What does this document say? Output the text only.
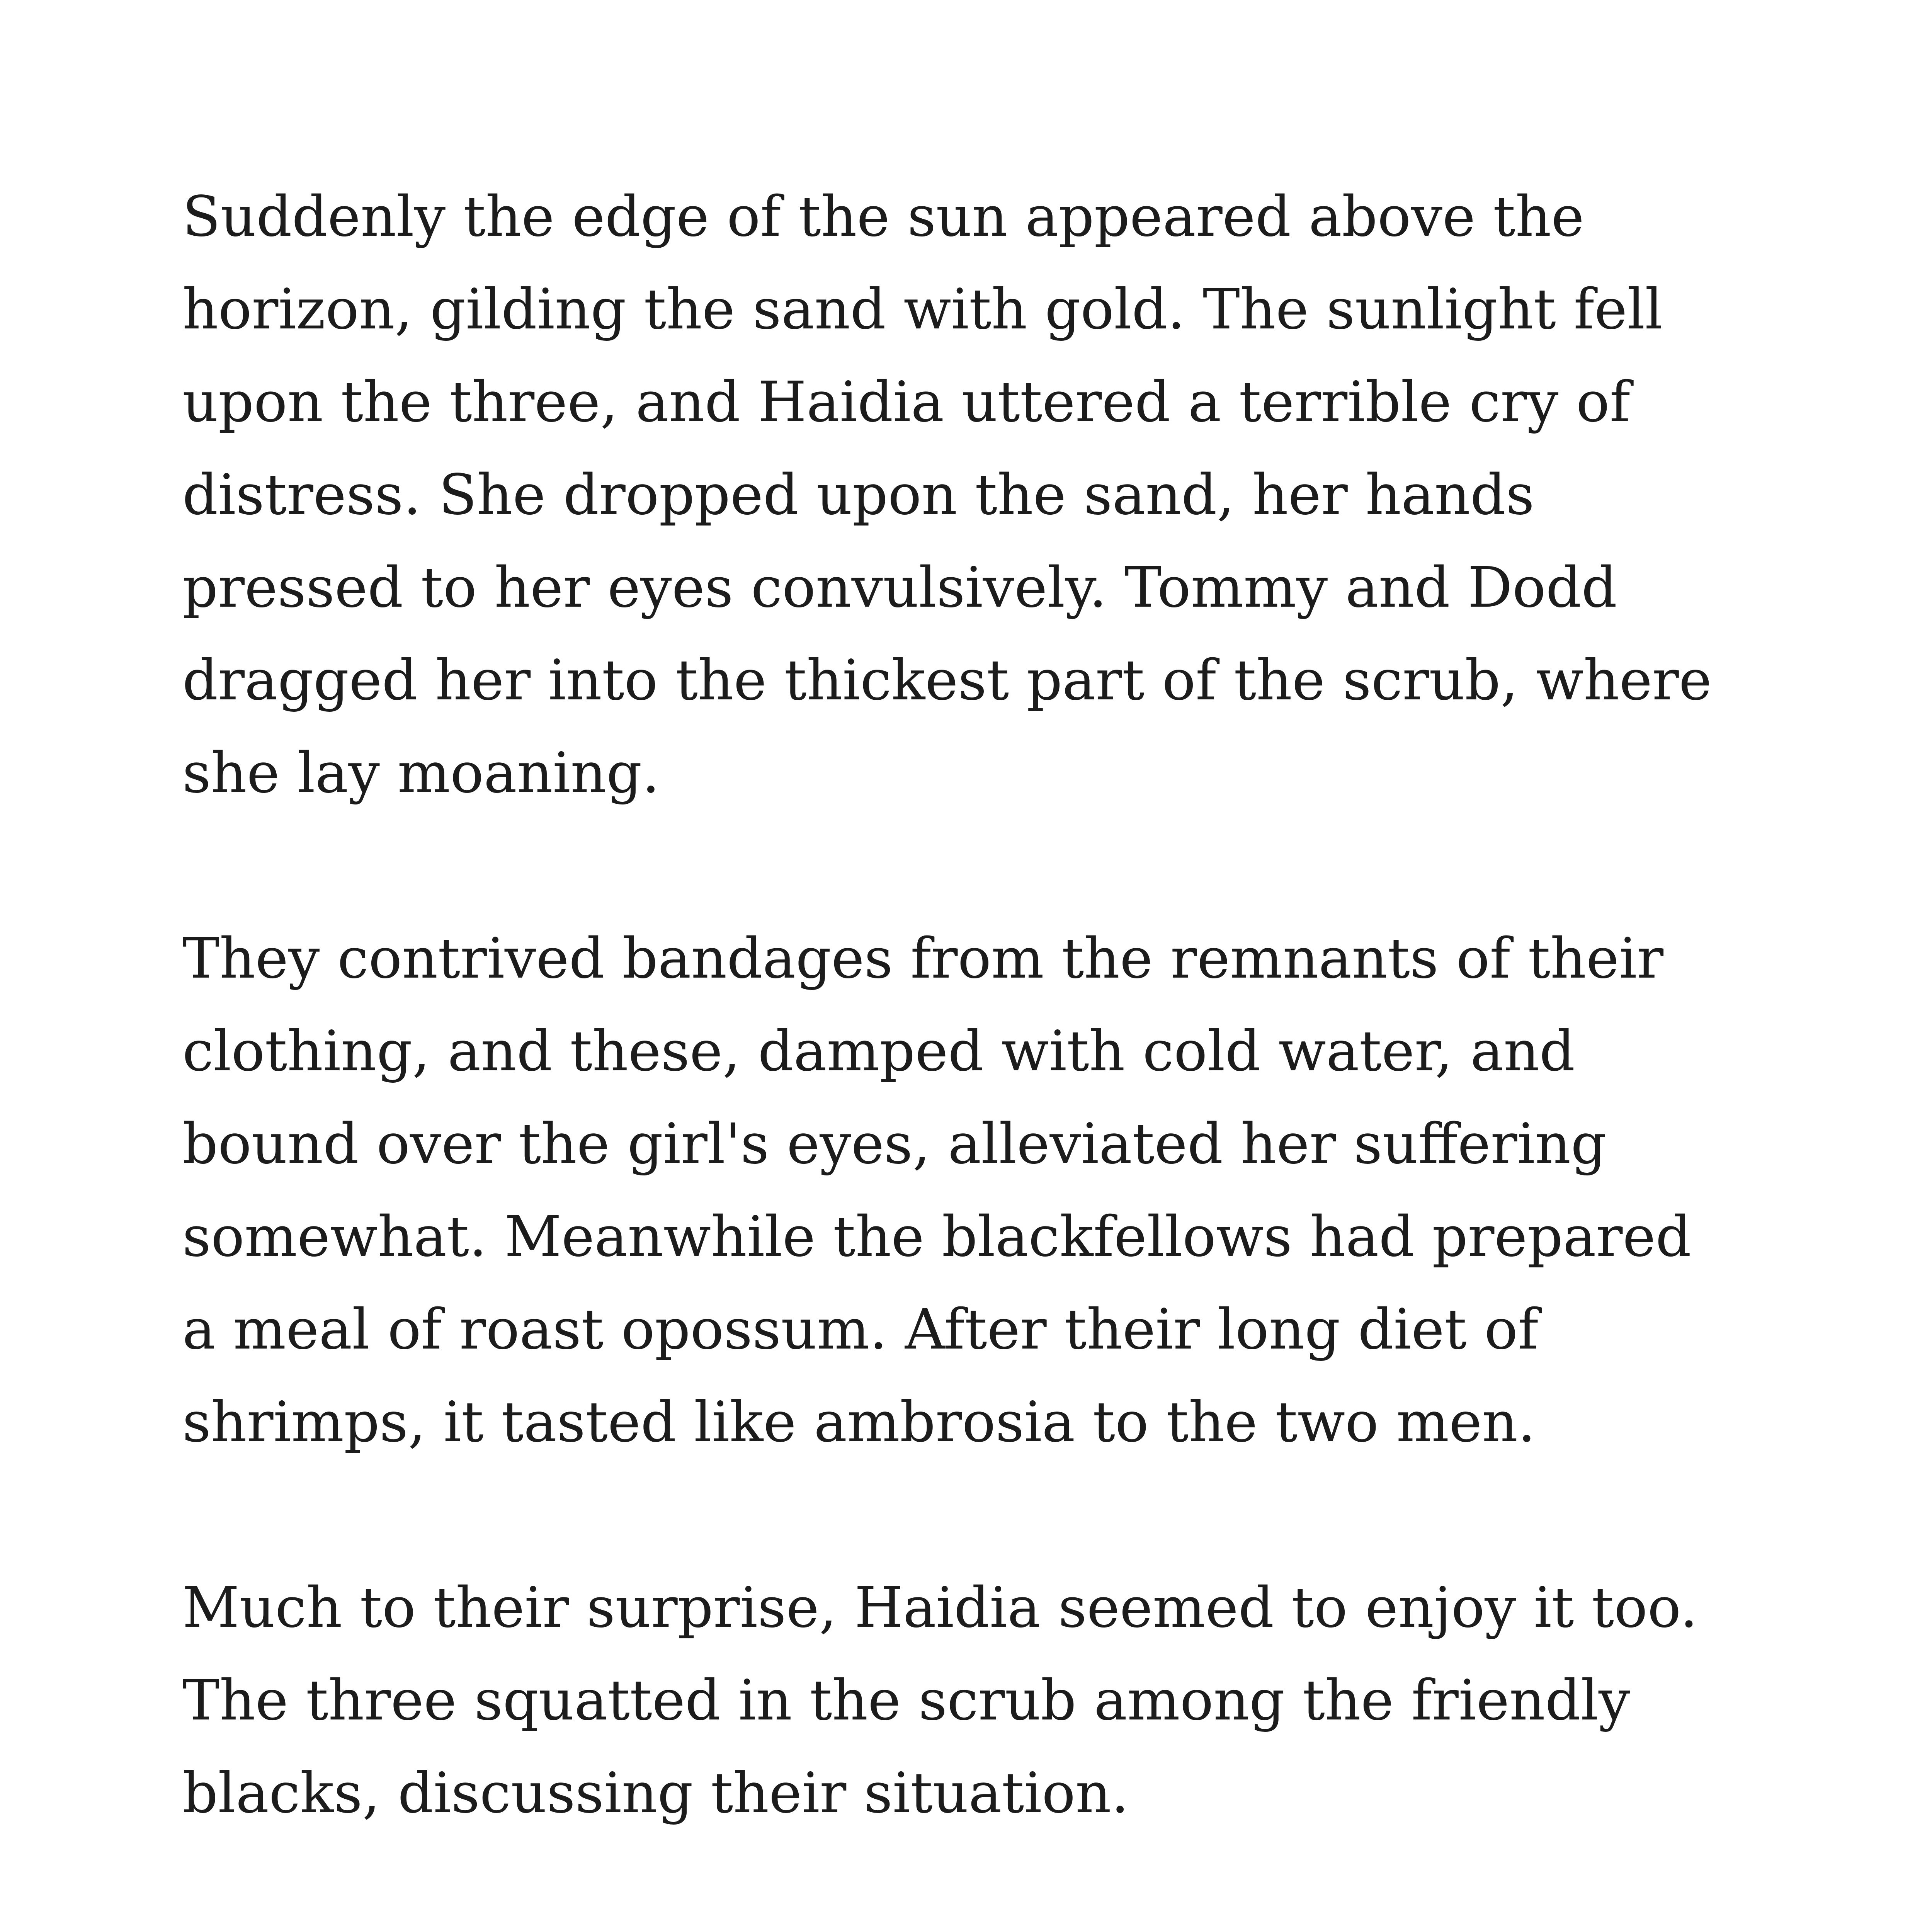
Suddenly the edge of the sun appeared above the
horizon, gilding the sand with gold. The sunlight fell
upon the three, and Haidia uttered a terrible cry of
distress. She dropped upon the sand, her hands
pressed to her eyes convulsively. Tommy and Dodd
dragged her into the thickest part of the scrub, where
she lay moaning.

They contrived bandages from the remnants of their
clothing, and these, damped with cold water, and
bound over the girl's eyes, alleviated her suffering
somewhat. Meanwhile the blackfellows had prepared
a meal of roast opossum. After their long diet of
shrimps, it tasted like ambrosia to the two men.

Much to their surprise, Haidia seemed to enjoy it too.
The three squatted in the scrub among the friendly
blacks, discussing their situation.
